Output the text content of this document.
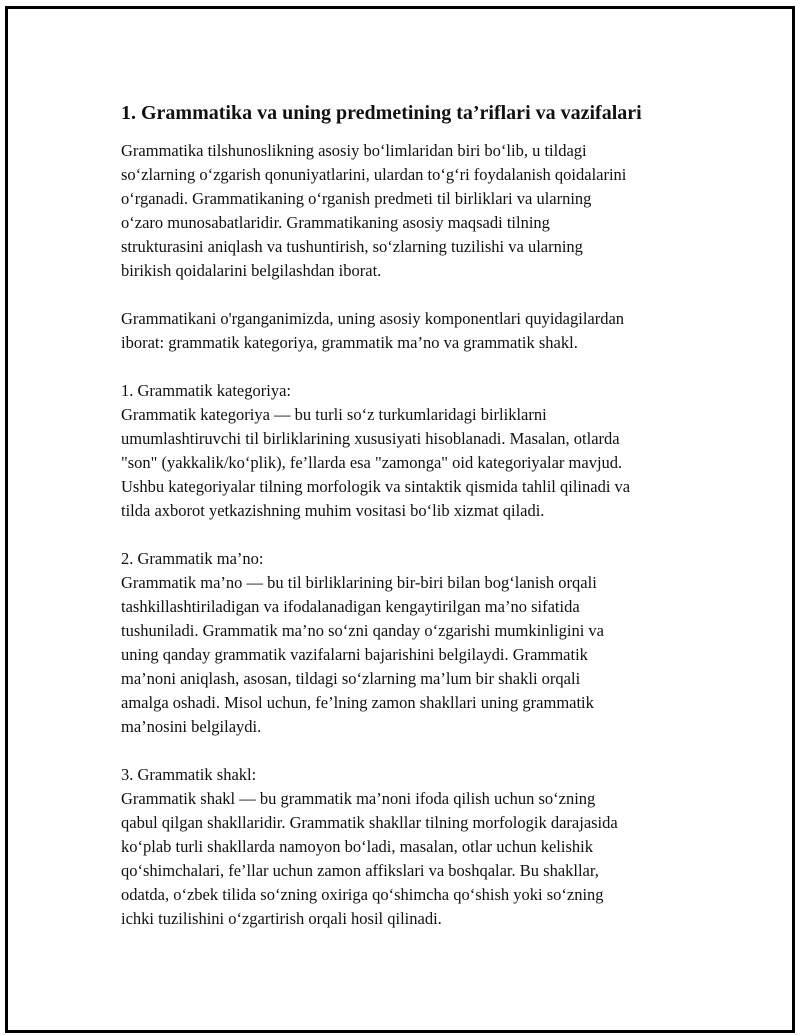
1. Grammatika va uning predmetining ta’riflari va vazifalari

Grammatika tilshunoslikning asosiy bo‘limlaridan biri bo‘lib, u tildagi
so‘zlarning o‘zgarish qonuniyatlarini, ulardan to‘g‘ri foydalanish qoidalarini
o‘rganadi. Grammatikaning o‘rganish predmeti til birliklari va ularning
o‘zaro munosabatlaridir. Grammatikaning asosiy maqsadi tilning
strukturasini aniqlash va tushuntirish, so‘zlarning tuzilishi va ularning
birikish qoidalarini belgilashdan iborat.

Grammatikani o'rganganimizda, uning asosiy komponentlari quyidagilardan
iborat: grammatik kategoriya, grammatik ma’no va grammatik shakl.

1. Grammatik kategoriya:
Grammatik kategoriya — bu turli so‘z turkumlaridagi birliklarni
umumlashtiruvchi til birliklarining xususiyati hisoblanadi. Masalan, otlarda
"son" (yakkalik/ko‘plik), fe’llarda esa "zamonga" oid kategoriyalar mavjud.
Ushbu kategoriyalar tilning morfologik va sintaktik qismida tahlil qilinadi va
tilda axborot yetkazishning muhim vositasi bo‘lib xizmat qiladi.

2. Grammatik ma’no:
Grammatik ma’no — bu til birliklarining bir-biri bilan bog‘lanish orqali
tashkillashtiriladigan va ifodalanadigan kengaytirilgan ma’no sifatida
tushuniladi. Grammatik ma’no so‘zni qanday o‘zgarishi mumkinligini va
uning qanday grammatik vazifalarni bajarishini belgilaydi. Grammatik
ma’noni aniqlash, asosan, tildagi so‘zlarning ma’lum bir shakli orqali
amalga oshadi. Misol uchun, fe’lning zamon shakllari uning grammatik
ma’nosini belgilaydi.

3. Grammatik shakl:
Grammatik shakl — bu grammatik ma’noni ifoda qilish uchun so‘zning
qabul qilgan shakllaridir. Grammatik shakllar tilning morfologik darajasida
ko‘plab turli shakllarda namoyon bo‘ladi, masalan, otlar uchun kelishik
qo‘shimchalari, fe’llar uchun zamon affikslari va boshqalar. Bu shakllar,
odatda, o‘zbek tilida so‘zning oxiriga qo‘shimcha qo‘shish yoki so‘zning
ichki tuzilishini o‘zgartirish orqali hosil qilinadi.
